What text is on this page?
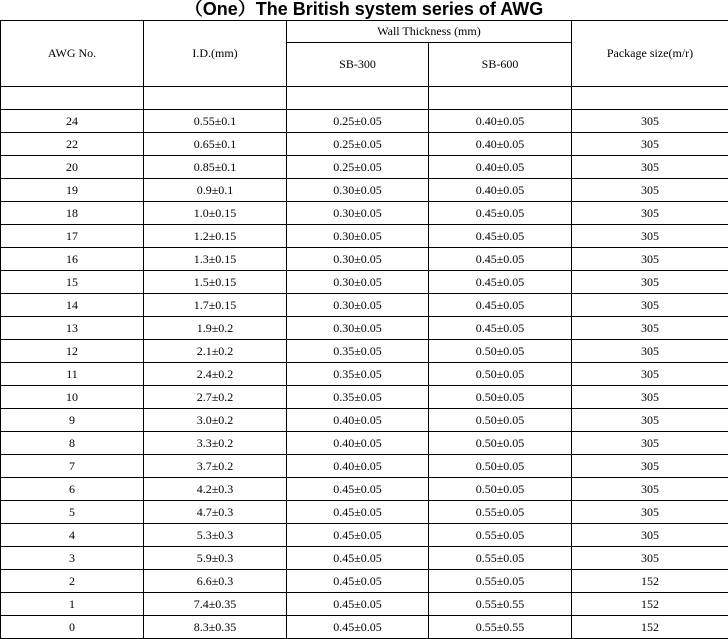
（One）The British system series of AWG
AWG No.	I.D.(mm)	Wall Thickness (mm)		Package size(m/r)
		SB-300	SB-600	

24	0.55±0.1	0.25±0.05	0.40±0.05	305
22	0.65±0.1	0.25±0.05	0.40±0.05	305
20	0.85±0.1	0.25±0.05	0.40±0.05	305
19	0.9±0.1	0.30±0.05	0.40±0.05	305
18	1.0±0.15	0.30±0.05	0.45±0.05	305
17	1.2±0.15	0.30±0.05	0.45±0.05	305
16	1.3±0.15	0.30±0.05	0.45±0.05	305
15	1.5±0.15	0.30±0.05	0.45±0.05	305
14	1.7±0.15	0.30±0.05	0.45±0.05	305
13	1.9±0.2	0.30±0.05	0.45±0.05	305
12	2.1±0.2	0.35±0.05	0.50±0.05	305
11	2.4±0.2	0.35±0.05	0.50±0.05	305
10	2.7±0.2	0.35±0.05	0.50±0.05	305
9	3.0±0.2	0.40±0.05	0.50±0.05	305
8	3.3±0.2	0.40±0.05	0.50±0.05	305
7	3.7±0.2	0.40±0.05	0.50±0.05	305
6	4.2±0.3	0.45±0.05	0.50±0.05	305
5	4.7±0.3	0.45±0.05	0.55±0.05	305
4	5.3±0.3	0.45±0.05	0.55±0.05	305
3	5.9±0.3	0.45±0.05	0.55±0.05	305
2	6.6±0.3	0.45±0.05	0.55±0.05	152
1	7.4±0.35	0.45±0.05	0.55±0.55	152
0	8.3±0.35	0.45±0.05	0.55±0.55	152
